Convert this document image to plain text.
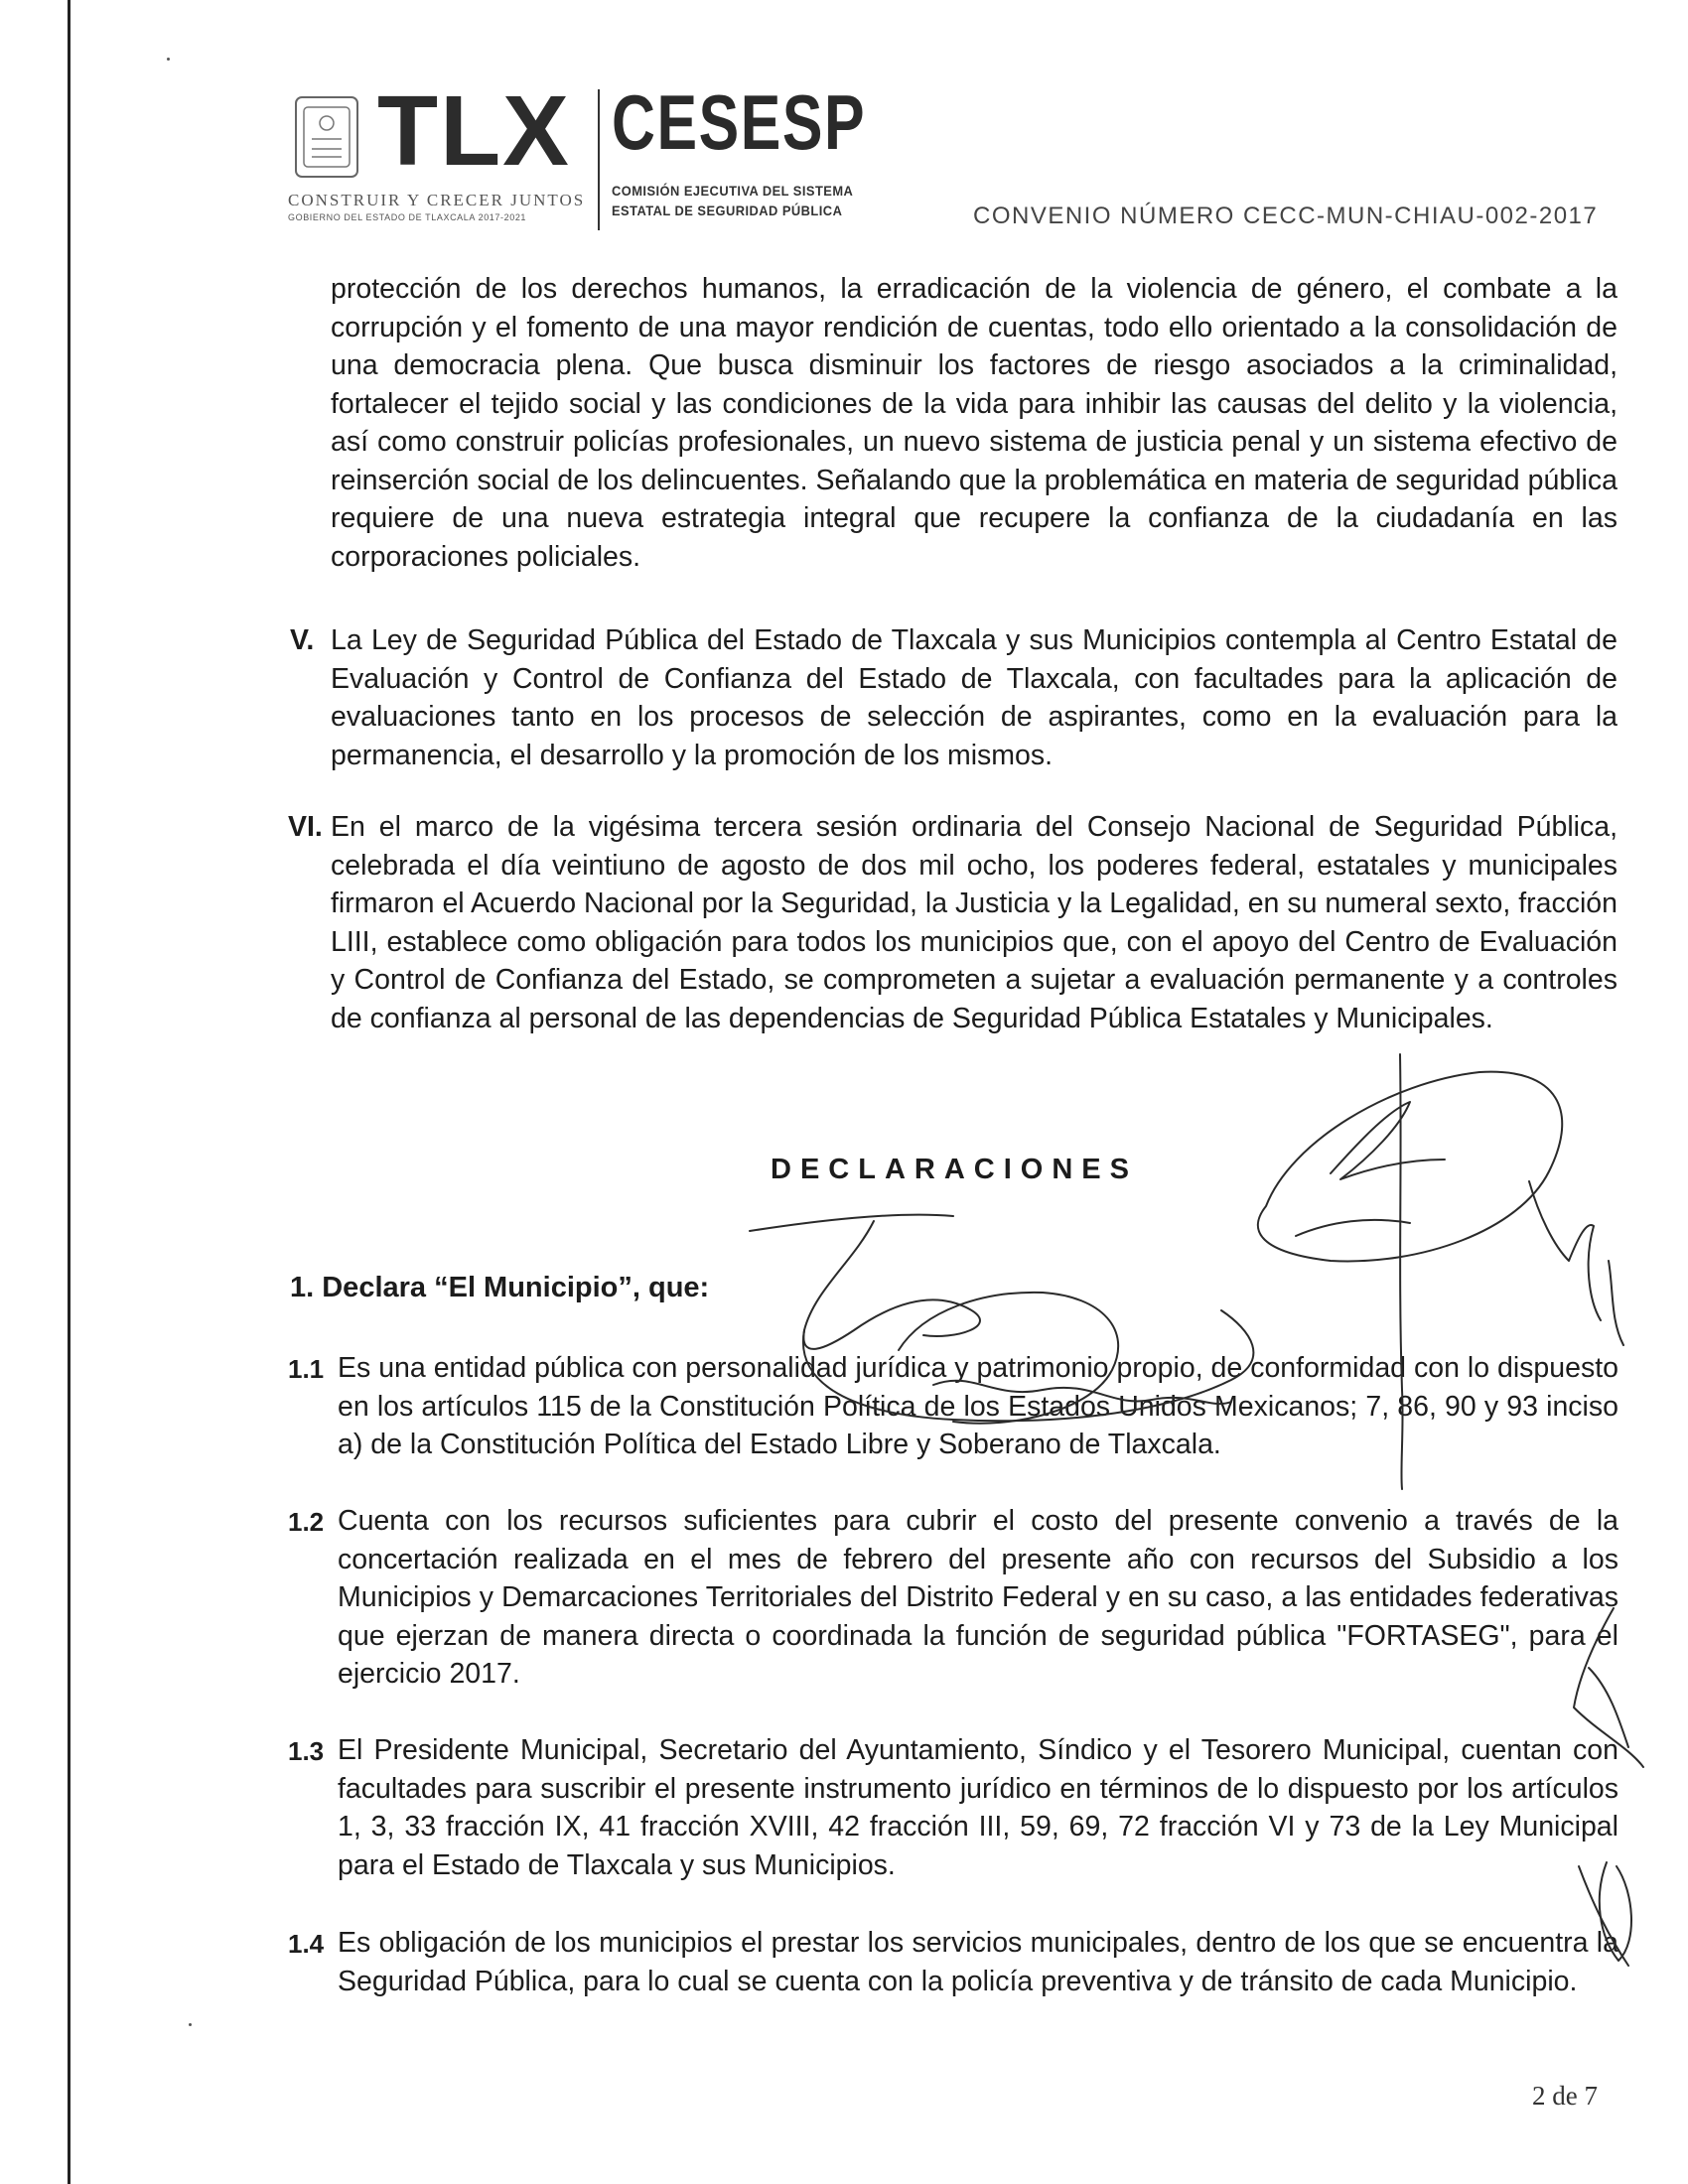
TLX
CONSTRUIR Y CRECER JUNTOS
GOBIERNO DEL ESTADO DE TLAXCALA 2017-2021
CESESP
COMISIÓN EJECUTIVA DEL SISTEMA
ESTATAL DE SEGURIDAD PÚBLICA	CONVENIO NÚMERO CECC-MUN-CHIAU-002-2017
protección de los derechos humanos, la erradicación de la violencia de género, el combate a la corrupción y el fomento de una mayor rendición de cuentas, todo ello orientado a la consolidación de una democracia plena. Que busca disminuir los factores de riesgo asociados a la criminalidad, fortalecer el tejido social y las condiciones de la vida para inhibir las causas del delito y la violencia, así como construir policías profesionales, un nuevo sistema de justicia penal y un sistema efectivo de reinserción social de los delincuentes. Señalando que la problemática en materia de seguridad pública requiere de una nueva estrategia integral que recupere la confianza de la ciudadanía en las corporaciones policiales.
V. La Ley de Seguridad Pública del Estado de Tlaxcala y sus Municipios contempla al Centro Estatal de Evaluación y Control de Confianza del Estado de Tlaxcala, con facultades para la aplicación de evaluaciones tanto en los procesos de selección de aspirantes, como en la evaluación para la permanencia, el desarrollo y la promoción de los mismos.
VI. En el marco de la vigésima tercera sesión ordinaria del Consejo Nacional de Seguridad Pública, celebrada el día veintiuno de agosto de dos mil ocho, los poderes federal, estatales y municipales firmaron el Acuerdo Nacional por la Seguridad, la Justicia y la Legalidad, en su numeral sexto, fracción LIII, establece como obligación para todos los municipios que, con el apoyo del Centro de Evaluación y Control de Confianza del Estado, se comprometen a sujetar a evaluación permanente y a controles de confianza al personal de las dependencias de Seguridad Pública Estatales y Municipales.
DECLARACIONES
1. Declara “El Municipio”, que:
1.1 Es una entidad pública con personalidad jurídica y patrimonio propio, de conformidad con lo dispuesto en los artículos 115 de la Constitución Política de los Estados Unidos Mexicanos; 7, 86, 90 y 93 inciso a) de la Constitución Política del Estado Libre y Soberano de Tlaxcala.
1.2 Cuenta con los recursos suficientes para cubrir el costo del presente convenio a través de la concertación realizada en el mes de febrero del presente año con recursos del Subsidio a los Municipios y Demarcaciones Territoriales del Distrito Federal y en su caso, a las entidades federativas que ejerzan de manera directa o coordinada la función de seguridad pública "FORTASEG", para el ejercicio 2017.
1.3 El Presidente Municipal, Secretario del Ayuntamiento, Síndico y el Tesorero Municipal, cuentan con facultades para suscribir el presente instrumento jurídico en términos de lo dispuesto por los artículos 1, 3, 33 fracción IX, 41 fracción XVIII, 42 fracción III, 59, 69, 72 fracción VI y 73 de la Ley Municipal para el Estado de Tlaxcala y sus Municipios.
1.4 Es obligación de los municipios el prestar los servicios municipales, dentro de los que se encuentra la Seguridad Pública, para lo cual se cuenta con la policía preventiva y de tránsito de cada Municipio.
2 de 7
